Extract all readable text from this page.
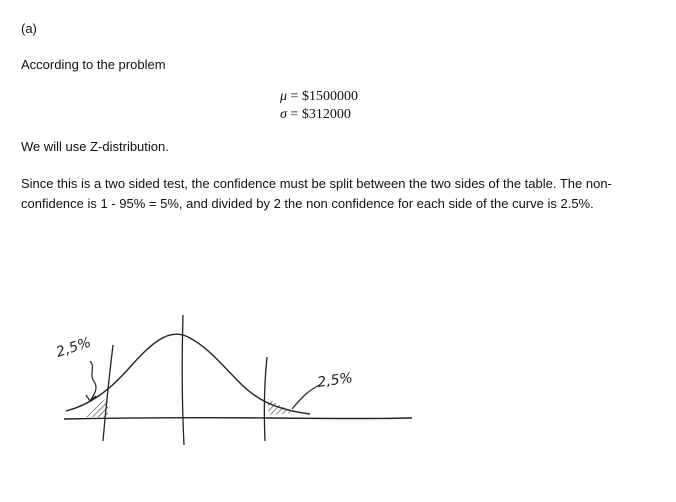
(a)
According to the problem
μ = $1500000
σ = $312000
We will use Z-distribution.
Since this is a two sided test, the confidence must be split between the two sides of the table. The non-confidence is 1 - 95% = 5%, and divided by 2 the non confidence for each side of the curve is 2.5%.
2,5%
2,5%
